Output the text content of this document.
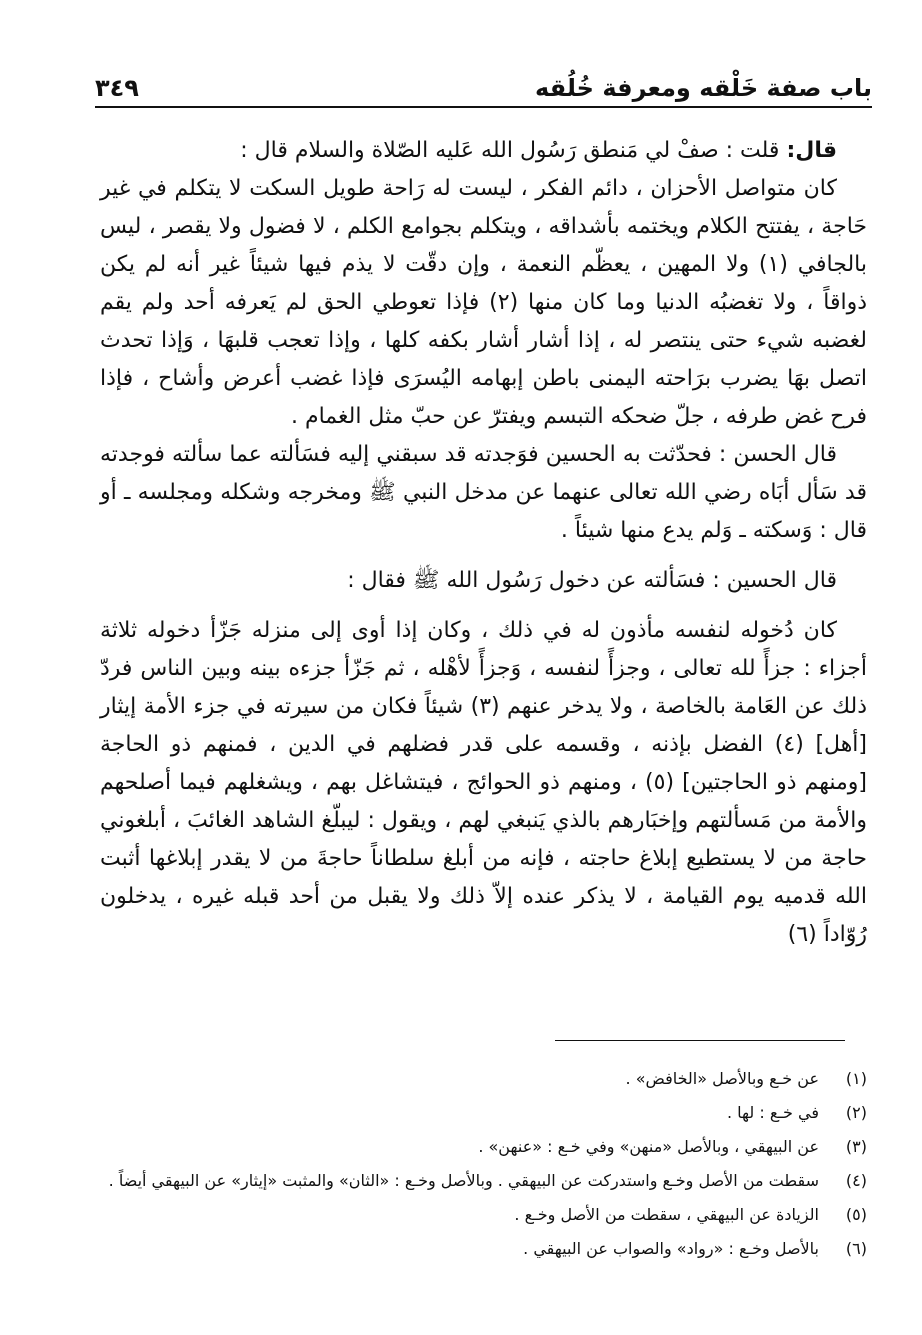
باب صفة خَلْقه ومعرفة خُلُقه
٣٤٩

قال: قلت : صفْ لي مَنطق رَسُول الله عَليه الصّلاة والسلام قال :

كان متواصل الأحزان ، دائم الفكر ، ليست له رَاحة طويل السكت لا يتكلم في غير حَاجة ، يفتتح الكلام ويختمه بأشداقه ، ويتكلم بجوامع الكلم ، لا فضول ولا يقصر ، ليس بالجافي (١) ولا المهين ، يعظّم النعمة ، وإن دقّت لا يذم فيها شيئاً غير أنه لم يكن ذواقاً ، ولا تغضبُه الدنيا وما كان منها (٢) فإذا تعوطي الحق لم يَعرفه أحد ولم يقم لغضبه شيء حتى ينتصر له ، إذا أشار أشار بكفه كلها ، وإذا تعجب قلبهَا ، وَإذا تحدث اتصل بهَا يضرب برَاحته اليمنى باطن إبهامه اليُسرَى فإذا غضب أعرض وأشاح ، فإذا فرح غض طرفه ، جلّ ضحكه التبسم ويفترّ عن حبّ مثل الغمام .

قال الحسن : فحدّثت به الحسين فوَجدته قد سبقني إليه فسَألته عما سألته فوجدته قد سَأل أبَاه رضي الله تعالى عنهما عن مدخل النبي ﷺ ومخرجه وشكله ومجلسه ـ أو قال : وَسكته ـ وَلم يدع منها شيئاً .

قال الحسين : فسَألته عن دخول رَسُول الله ﷺ فقال :

كان دُخوله لنفسه مأذون له في ذلك ، وكان إذا أوى إلى منزله جَزّأ دخوله ثلاثة أجزاء : جزأً لله تعالى ، وجزأً لنفسه ، وَجزأً لأهْله ، ثم جَزّأ جزءه بينه وبين الناس فردّ ذلك عن العَامة بالخاصة ، ولا يدخر عنهم (٣) شيئاً فكان من سيرته في جزء الأمة إيثار [أهل] (٤) الفضل بإذنه ، وقسمه على قدر فضلهم في الدين ، فمنهم ذو الحاجة [ومنهم ذو الحاجتين] (٥) ، ومنهم ذو الحوائج ، فيتشاغل بهم ، ويشغلهم فيما أصلحهم والأمة من مَسألتهم وإخبَارهم بالذي يَنبغي لهم ، ويقول : ليبلّغ الشاهد الغائبَ ، أبلغوني حاجة من لا يستطيع إبلاغ حاجته ، فإنه من أبلغ سلطاناً حاجةَ من لا يقدر إبلاغها أثبت الله قدميه يوم القيامة ، لا يذكر عنده إلاّ ذلك ولا يقبل من أحد قبله غيره ، يدخلون رُوّاداً (٦)

(١)
عن خـع وبالأصل «الخافض» .
(٢)
في خـع : لها .
(٣)
عن البيهقي ، وبالأصل «منهن» وفي خـع : «عنهن» .
(٤)
سقطت من الأصل وخـع واستدركت عن البيهقي . وبالأصل وخـع : «الثان» والمثبت «إيثار» عن البيهقي أيضاً .
(٥)
الزيادة عن البيهقي ، سقطت من الأصل وخـع .
(٦)
بالأصل وخـع : «رواد» والصواب عن البيهقي .
